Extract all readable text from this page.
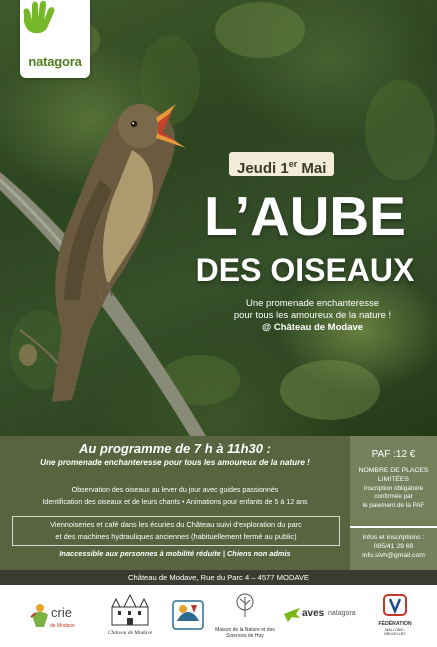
natagora
Jeudi 1er Mai
L’AUBE
DES OISEAUX
Une promenade enchanteresse
pour tous les amoureux de la nature !
@ Château de Modave
Au programme de 7 h à 11h30 :
Une promenade enchanteresse pour tous les amoureux de la nature !
Observation des oiseaux au lever du jour avec guides passionnés
Identification des oiseaux et de leurs chants • Animations pour enfants de 5 à 12 ans
Viennoiseries et café dans les écuries du Château suivi d’exploration du parc
et des machines hydrauliques anciennes (habituellement fermé au public)
Inaccessible aux personnes à mobilité réduite | Chiens non admis
PAF :12 €
NOMBRE DE PLACES
LIMITÉES
inscription obligatoire
confirmée par
le paiement de la PAF
Infos et inscriptions :
085/41 29 69
info.sivh@gmail.com
Château de Modave, Rue du Parc 4 – 4577 MODAVE
crie
de Modave
Château de Modave	Maison de la Nature et des
Sciences de Huy
aves natagora
FÉDÉRATION
WALLONIE-BRUXELLES
